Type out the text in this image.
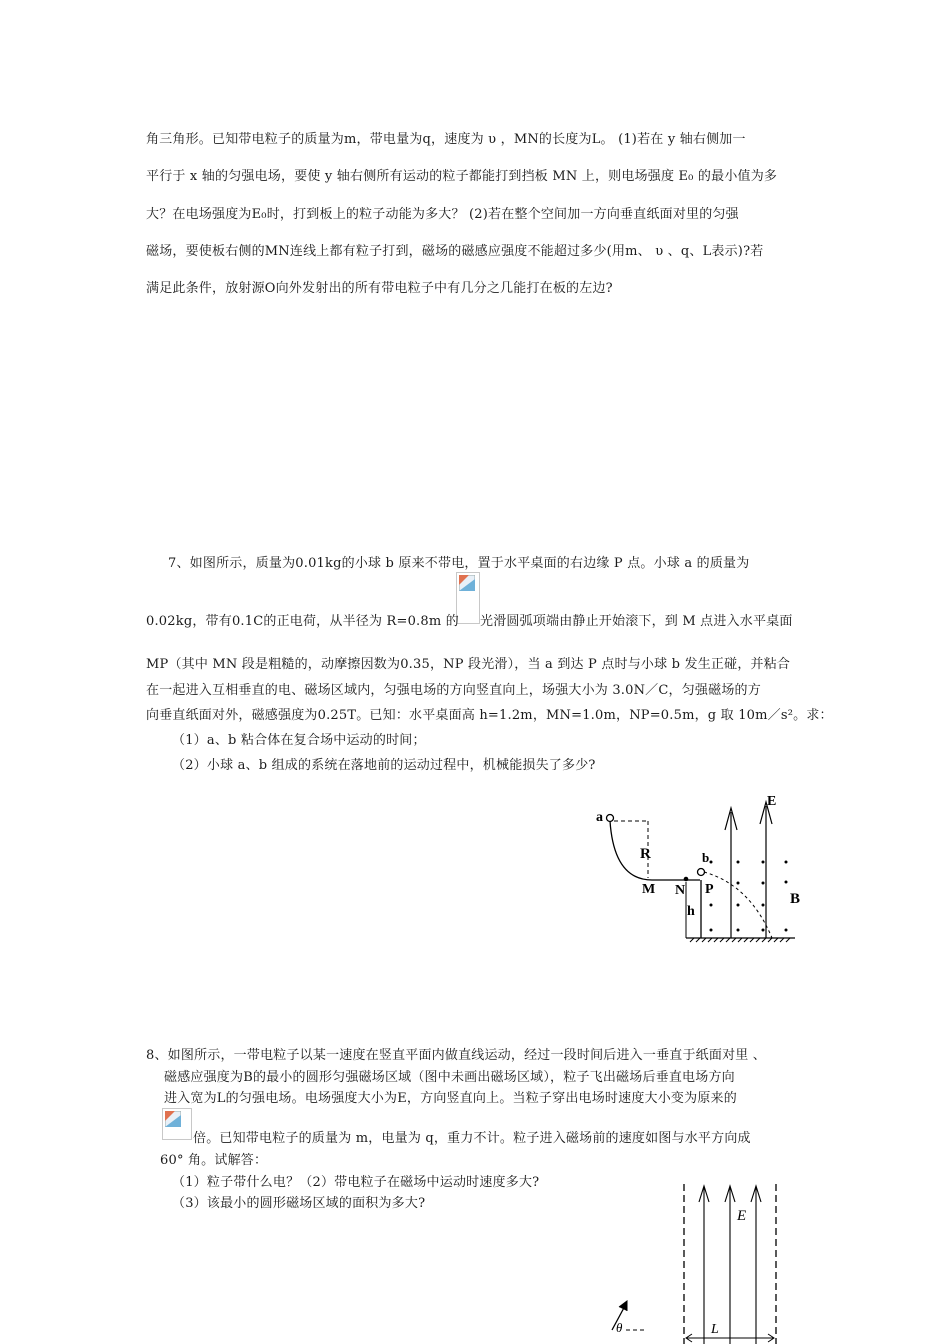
角三角形。已知带电粒子的质量为m，带电量为q，速度为 υ ，MN的长度为L。 (1)若在 y 轴右侧加一
平行于 x 轴的匀强电场，要使 y 轴右侧所有运动的粒子都能打到挡板 MN 上，则电场强度 E₀ 的最小值为多
大？在电场强度为E₀时，打到板上的粒子动能为多大？ (2)若在整个空间加一方向垂直纸面对里的匀强
磁场，要使板右侧的MN连线上都有粒子打到，磁场的磁感应强度不能超过多少(用m、 υ 、q、L表示)?若
满足此条件，放射源O向外发射出的所有带电粒子中有几分之几能打在板的左边?
7、如图所示，质量为0.01kg的小球 b 原来不带电，置于水平桌面的右边缘 P 点。小球 a 的质量为
0.02kg，带有0.1C的正电荷，从半径为 R=0.8m 的 光滑圆弧项端由静止开始滚下，到 M 点进入水平桌面
MP（其中 MN 段是粗糙的，动摩擦因数为0.35，NP 段光滑），当 a 到达 P 点时与小球 b 发生正碰，并粘合
在一起进入互相垂直的电、磁场区域内，匀强电场的方向竖直向上，场强大小为 3.0N／C，匀强磁场的方
向垂直纸面对外，磁感强度为0.25T。已知：水平桌面高 h=1.2m，MN=1.0m，NP=0.5m，g 取 10m／s²。求：
（1）a、b 粘合体在复合场中运动的时间；
（2）小球 a、b 组成的系统在落地前的运动过程中，机械能损失了多少?
a
R
M N
b
P
h
E
B
8、如图所示，一带电粒子以某一速度在竖直平面内做直线运动，经过一段时间后进入一垂直于纸面对里 、
磁感应强度为B的最小的圆形匀强磁场区域（图中未画出磁场区域），粒子飞出磁场后垂直电场方向
进入宽为L的匀强电场。电场强度大小为E，方向竖直向上。当粒子穿出电场时速度大小变为原来的
倍。已知带电粒子的质量为 m，电量为 q，重力不计。粒子进入磁场前的速度如图与水平方向成
60° 角。试解答：
（1）粒子带什么电？（2）带电粒子在磁场中运动时速度多大?
（3）该最小的圆形磁场区域的面积为多大?
E
L
θ
